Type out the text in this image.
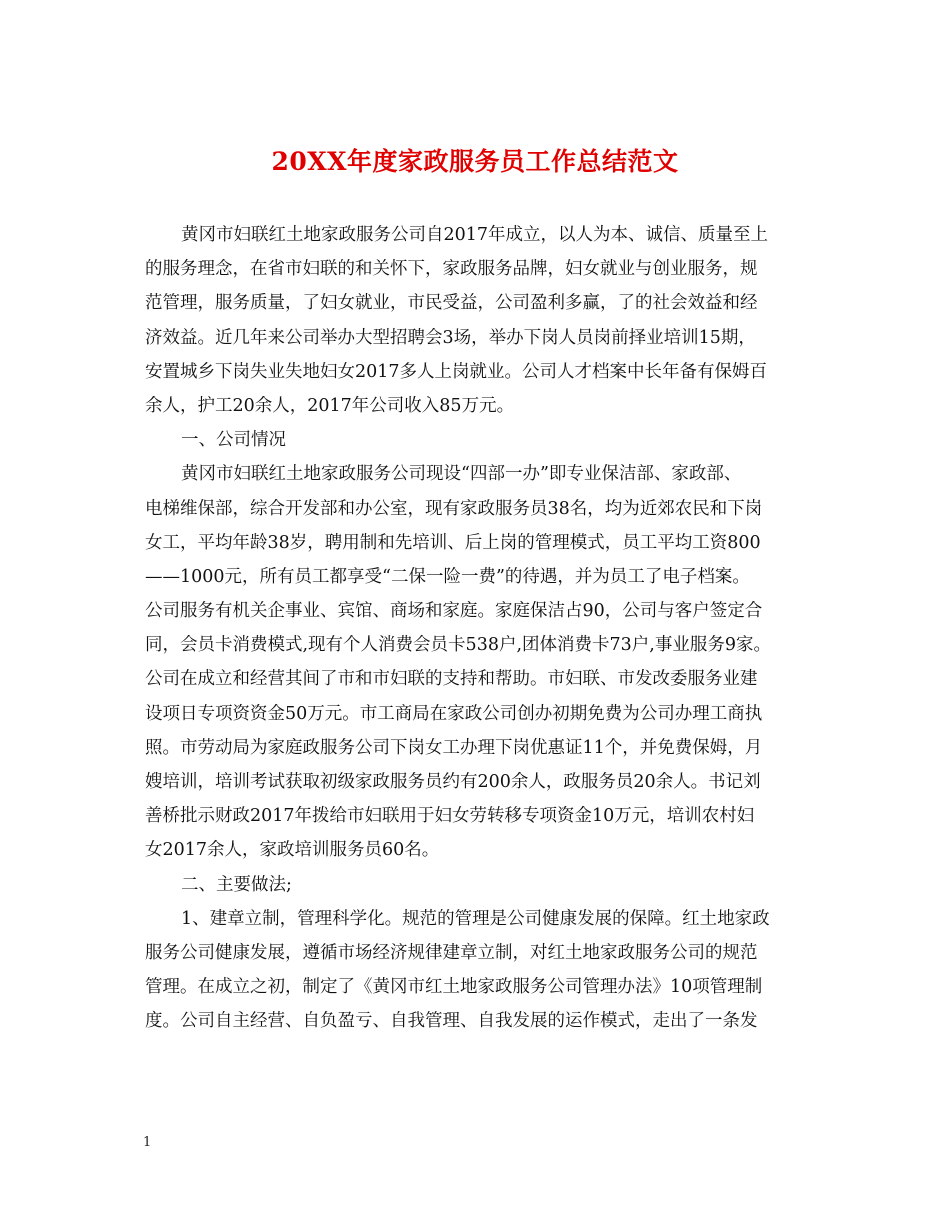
20XX年度家政服务员工作总结范文

黄冈市妇联红土地家政服务公司自2017年成立，以人为本、诚信、质量至上
的服务理念，在省市妇联的和关怀下，家政服务品牌，妇女就业与创业服务，规
范管理，服务质量，了妇女就业，市民受益，公司盈利多赢，了的社会效益和经
济效益。近几年来公司举办大型招聘会3场，举办下岗人员岗前择业培训15期，
安置城乡下岗失业失地妇女2017多人上岗就业。公司人才档案中长年备有保姆百
余人，护工20余人，2017年公司收入85万元。

一、公司情况

黄冈市妇联红土地家政服务公司现设“四部一办”即专业保洁部、家政部、
电梯维保部，综合开发部和办公室，现有家政服务员38名，均为近郊农民和下岗
女工，平均年龄38岁，聘用制和先培训、后上岗的管理模式，员工平均工资800
——1000元，所有员工都享受“二保一险一费”的待遇，并为员工了电子档案。
公司服务有机关企事业、宾馆、商场和家庭。家庭保洁占90，公司与客户签定合
同，会员卡消费模式,现有个人消费会员卡538户,团体消费卡73户,事业服务9家。
公司在成立和经营其间了市和市妇联的支持和帮助。市妇联、市发改委服务业建
设项日专项资资金50万元。市工商局在家政公司创办初期免费为公司办理工商执
照。市劳动局为家庭政服务公司下岗女工办理下岗优惠证11个，并免费保姆，月
嫂培训，培训考试获取初级家政服务员约有200余人，政服务员20余人。书记刘
善桥批示财政2017年拨给市妇联用于妇女劳转移专项资金10万元，培训农村妇
女2017余人，家政培训服务员60名。

二、主要做法;

1、建章立制，管理科学化。规范的管理是公司健康发展的保障。红土地家政
服务公司健康发展，遵循市场经济规律建章立制，对红土地家政服务公司的规范
管理。在成立之初，制定了《黄冈市红土地家政服务公司管理办法》10项管理制
度。公司自主经营、自负盈亏、自我管理、自我发展的运作模式，走出了一条发

1
